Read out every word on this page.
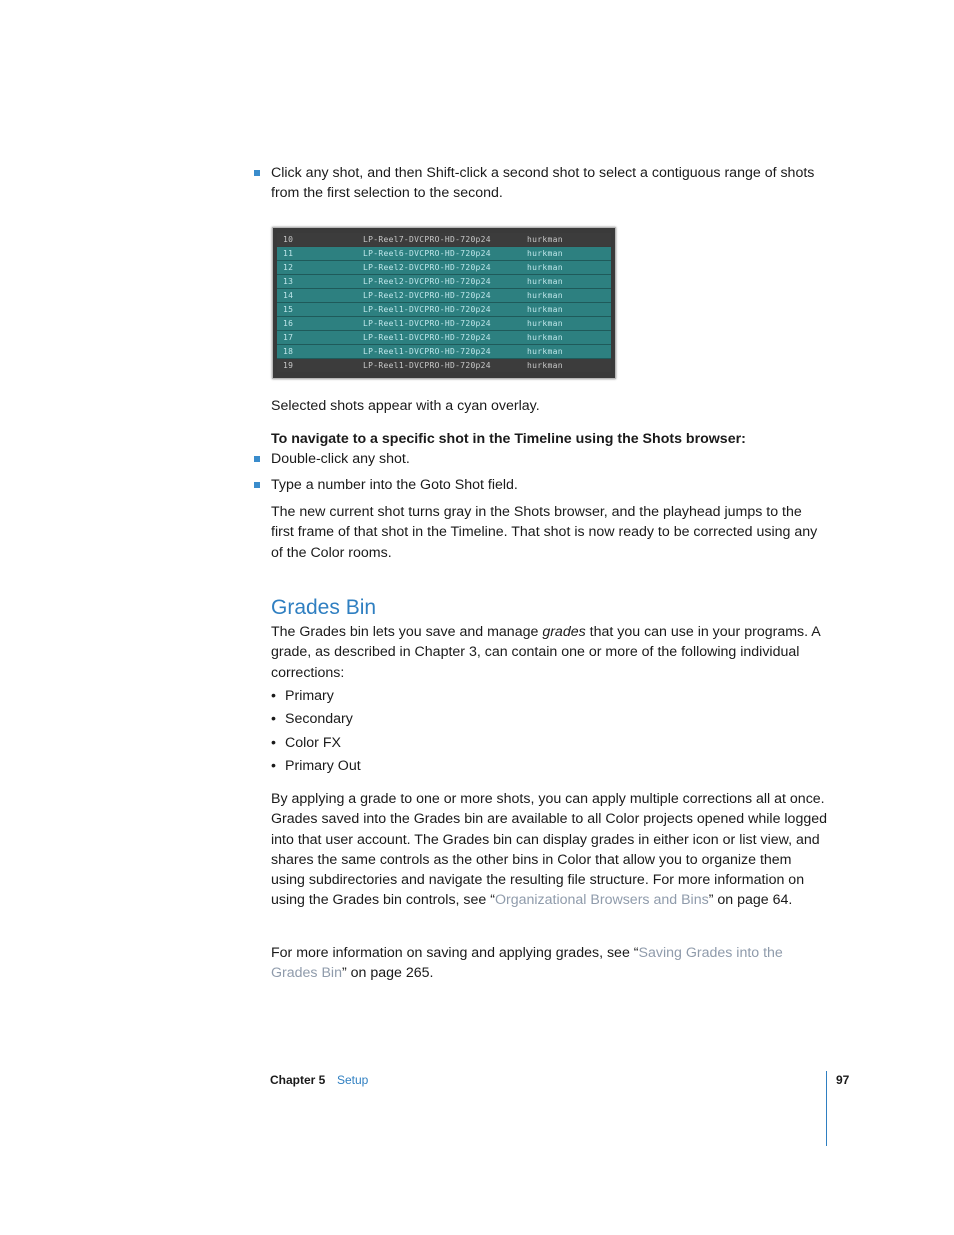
Click any shot, and then Shift-click a second shot to select a contiguous range of shots from the first selection to the second.

10	LP-Reel7-DVCPRO-HD-720p24	hurkman
11	LP-Reel6-DVCPRO-HD-720p24	hurkman
12	LP-Reel2-DVCPRO-HD-720p24	hurkman
13	LP-Reel2-DVCPRO-HD-720p24	hurkman
14	LP-Reel2-DVCPRO-HD-720p24	hurkman
15	LP-Reel1-DVCPRO-HD-720p24	hurkman
16	LP-Reel1-DVCPRO-HD-720p24	hurkman
17	LP-Reel1-DVCPRO-HD-720p24	hurkman
18	LP-Reel1-DVCPRO-HD-720p24	hurkman
19	LP-Reel1-DVCPRO-HD-720p24	hurkman

Selected shots appear with a cyan overlay.

To navigate to a specific shot in the Timeline using the Shots browser:

Double-click any shot.

Type a number into the Goto Shot field.

The new current shot turns gray in the Shots browser, and the playhead jumps to the first frame of that shot in the Timeline. That shot is now ready to be corrected using any of the Color rooms.

Grades Bin

The Grades bin lets you save and manage grades that you can use in your programs. A grade, as described in Chapter 3, can contain one or more of the following individual corrections:

• Primary
• Secondary
• Color FX
• Primary Out

By applying a grade to one or more shots, you can apply multiple corrections all at once. Grades saved into the Grades bin are available to all Color projects opened while logged into that user account. The Grades bin can display grades in either icon or list view, and shares the same controls as the other bins in Color that allow you to organize them using subdirectories and navigate the resulting file structure. For more information on using the Grades bin controls, see “Organizational Browsers and Bins” on page 64.

For more information on saving and applying grades, see “Saving Grades into the Grades Bin” on page 265.

Chapter 5 Setup	97
